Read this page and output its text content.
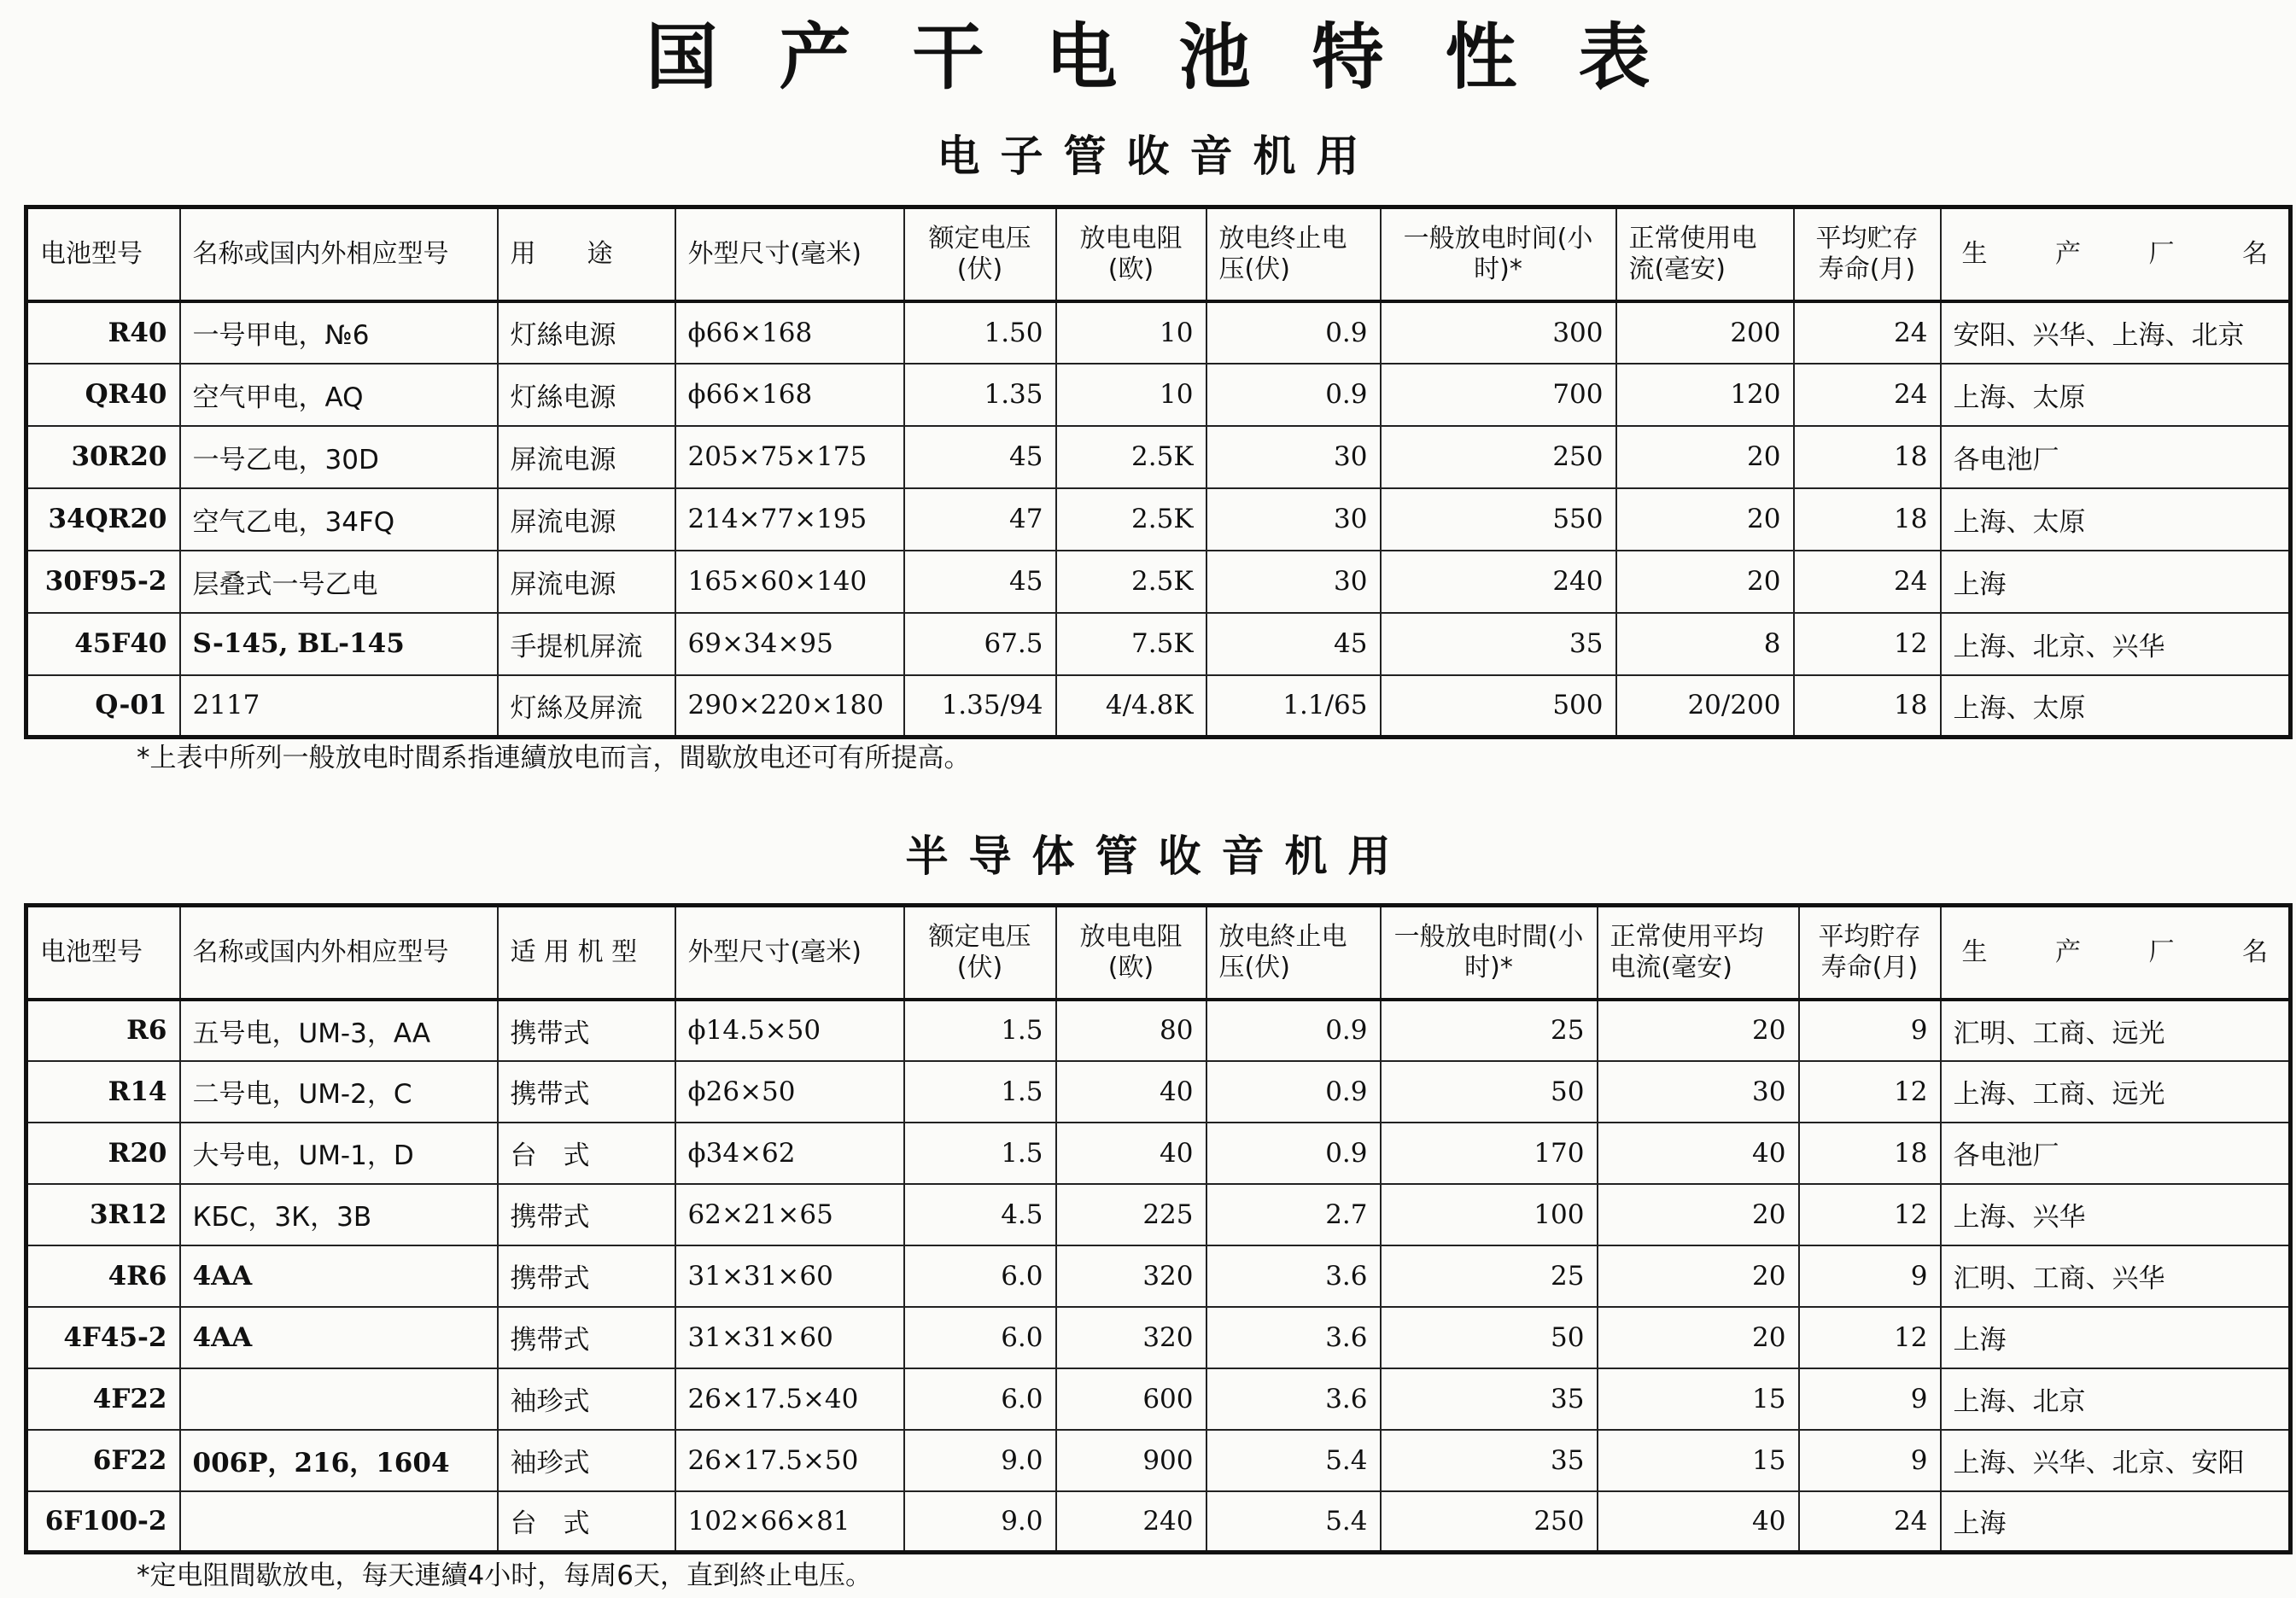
国产干电池特性表
电子管收音机用
电池型号	名称或国内外相应型号	用　　途	外型尺寸(毫米)	额定电压(伏)	放电电阻(欧)	放电终止电压(伏)	一般放电时间(小时)*	正常使用电流(毫安)	平均贮存寿命(月)	生 产 厂 名

R40	一号甲电，№6	灯絲电源	ϕ66×168	1.50	10	0.9	300	200	24	安阳、兴华、上海、北京
QR40	空气甲电，AQ	灯絲电源	ϕ66×168	1.35	10	0.9	700	120	24	上海、太原
30R20	一号乙电，30D	屏流电源	205×75×175	45	2.5K	30	250	20	18	各电池厂
34QR20	空气乙电，34FQ	屏流电源	214×77×195	47	2.5K	30	550	20	18	上海、太原
30F95-2	层叠式一号乙电	屏流电源	165×60×140	45	2.5K	30	240	20	24	上海
45F40	S-145, BL-145	手提机屏流	69×34×95	67.5	7.5K	45	35	8	12	上海、北京、兴华
Q-01	2117	灯絲及屏流	290×220×180	1.35/94	4/4.8K	1.1/65	500	20/200	18	上海、太原
*上表中所列一般放电时間系指連續放电而言，間歇放电还可有所提高。
半导体管收音机用
电池型号	名称或国内外相应型号	适 用 机 型	外型尺寸(毫米)	额定电压(伏)	放电电阻(欧)	放电終止电压(伏)	一般放电时間(小时)*	正常使用平均电流(毫安)	平均貯存寿命(月)	生 产 厂 名

R6	五号电，UM-3，AA	携带式	ϕ14.5×50	1.5	80	0.9	25	20	9	汇明、工商、远光
R14	二号电，UM-2，C	携带式	ϕ26×50	1.5	40	0.9	50	30	12	上海、工商、远光
R20	大号电，UM-1，D	台　式	ϕ34×62	1.5	40	0.9	170	40	18	各电池厂
3R12	КБС，3К，3В	携带式	62×21×65	4.5	225	2.7	100	20	12	上海、兴华
4R6	4AA	携带式	31×31×60	6.0	320	3.6	25	20	9	汇明、工商、兴华
4F45-2	4AA	携带式	31×31×60	6.0	320	3.6	50	20	12	上海
4F22		袖珍式	26×17.5×40	6.0	600	3.6	35	15	9	上海、北京
6F22	006P，216，1604	袖珍式	26×17.5×50	9.0	900	5.4	35	15	9	上海、兴华、北京、安阳
6F100-2		台　式	102×66×81	9.0	240	5.4	250	40	24	上海
*定电阻間歇放电，每天連續4小时，每周6天，直到終止电压。
